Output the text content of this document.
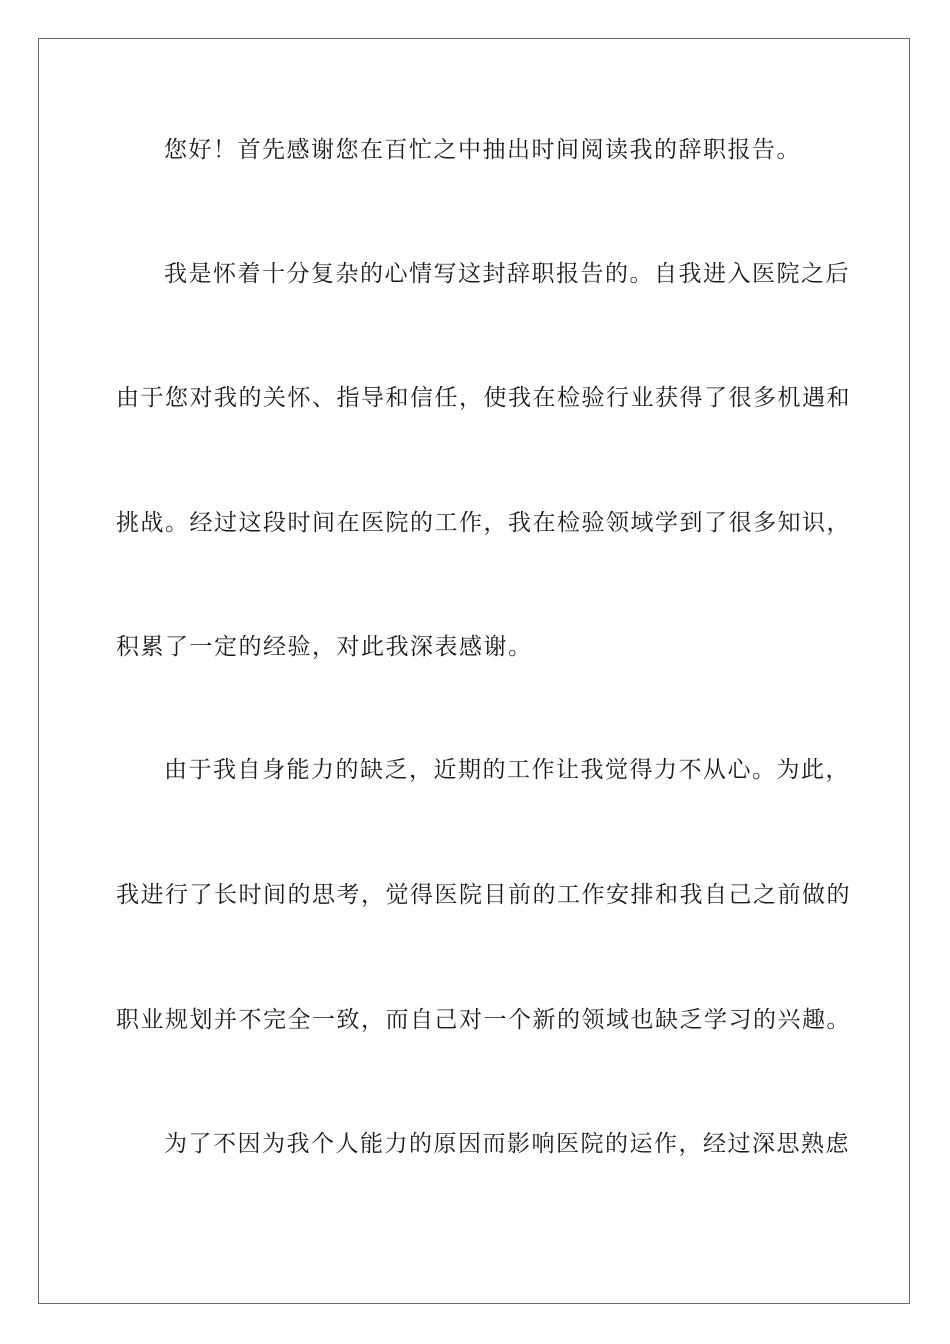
您好！首先感谢您在百忙之中抽出时间阅读我的辞职报告。
我是怀着十分复杂的心情写这封辞职报告的。自我进入医院之后
由于您对我的关怀、指导和信任，使我在检验行业获得了很多机遇和
挑战。经过这段时间在医院的工作，我在检验领域学到了很多知识，
积累了一定的经验，对此我深表感谢。
由于我自身能力的缺乏，近期的工作让我觉得力不从心。为此，
我进行了长时间的思考，觉得医院目前的工作安排和我自己之前做的
职业规划并不完全一致，而自己对一个新的领域也缺乏学习的兴趣。
为了不因为我个人能力的原因而影响医院的运作，经过深思熟虑
